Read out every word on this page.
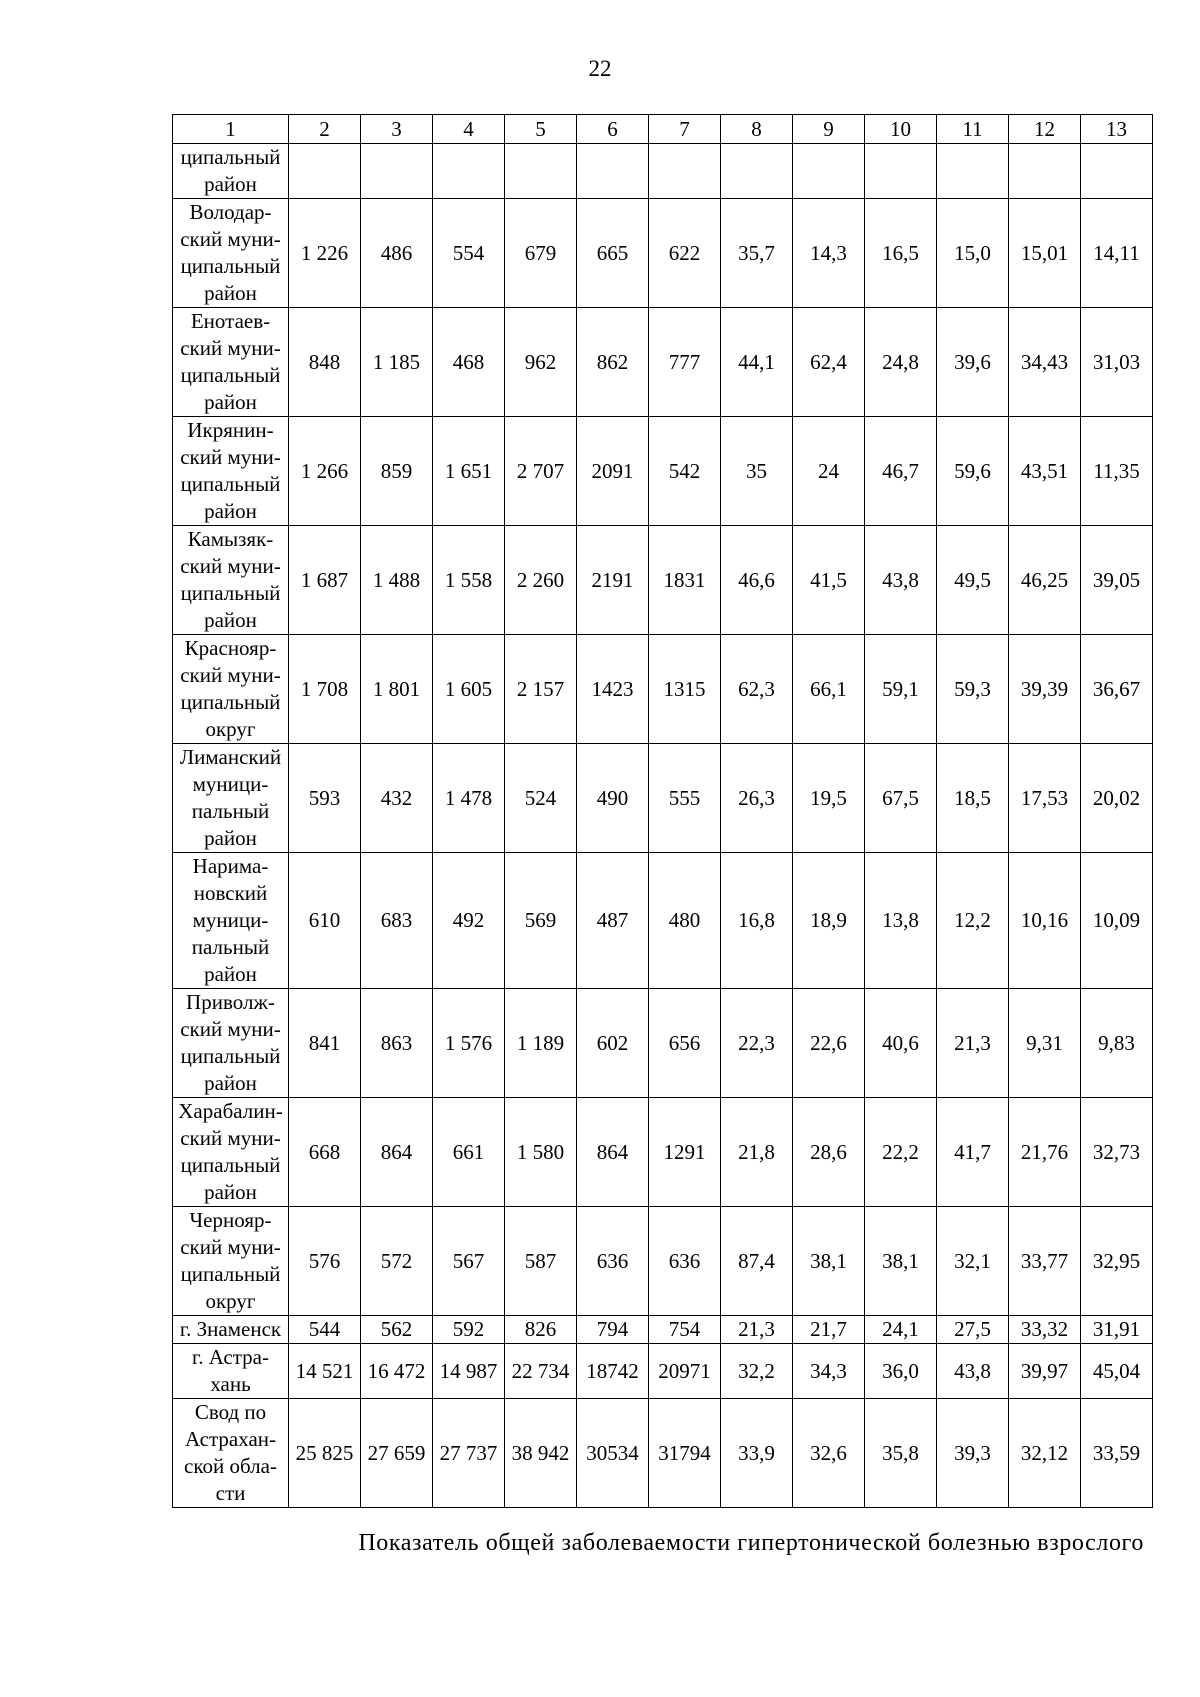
22
1	2	3	4	5	6	7	8	9	10	11	12	13
ципальный
район												
Володар-
ский муни-
ципальный
район	1 226	486	554	679	665	622	35,7	14,3	16,5	15,0	15,01	14,11
Енотаев-
ский муни-
ципальный
район	848	1 185	468	962	862	777	44,1	62,4	24,8	39,6	34,43	31,03
Икрянин-
ский муни-
ципальный
район	1 266	859	1 651	2 707	2091	542	35	24	46,7	59,6	43,51	11,35
Камызяк-
ский муни-
ципальный
район	1 687	1 488	1 558	2 260	2191	1831	46,6	41,5	43,8	49,5	46,25	39,05
Краснояр-
ский муни-
ципальный
округ	1 708	1 801	1 605	2 157	1423	1315	62,3	66,1	59,1	59,3	39,39	36,67
Лиманский
муници-
пальный
район	593	432	1 478	524	490	555	26,3	19,5	67,5	18,5	17,53	20,02
Нарима-
новский
муници-
пальный
район	610	683	492	569	487	480	16,8	18,9	13,8	12,2	10,16	10,09
Приволж-
ский муни-
ципальный
район	841	863	1 576	1 189	602	656	22,3	22,6	40,6	21,3	9,31	9,83
Харабалин-
ский муни-
ципальный
район	668	864	661	1 580	864	1291	21,8	28,6	22,2	41,7	21,76	32,73
Чернояр-
ский муни-
ципальный
округ	576	572	567	587	636	636	87,4	38,1	38,1	32,1	33,77	32,95
г. Знаменск	544	562	592	826	794	754	21,3	21,7	24,1	27,5	33,32	31,91
г. Астра-
хань	14 521	16 472	14 987	22 734	18742	20971	32,2	34,3	36,0	43,8	39,97	45,04
Свод по
Астрахан-
ской обла-
сти	25 825	27 659	27 737	38 942	30534	31794	33,9	32,6	35,8	39,3	32,12	33,59
Показатель общей заболеваемости гипертонической болезнью взрослого
